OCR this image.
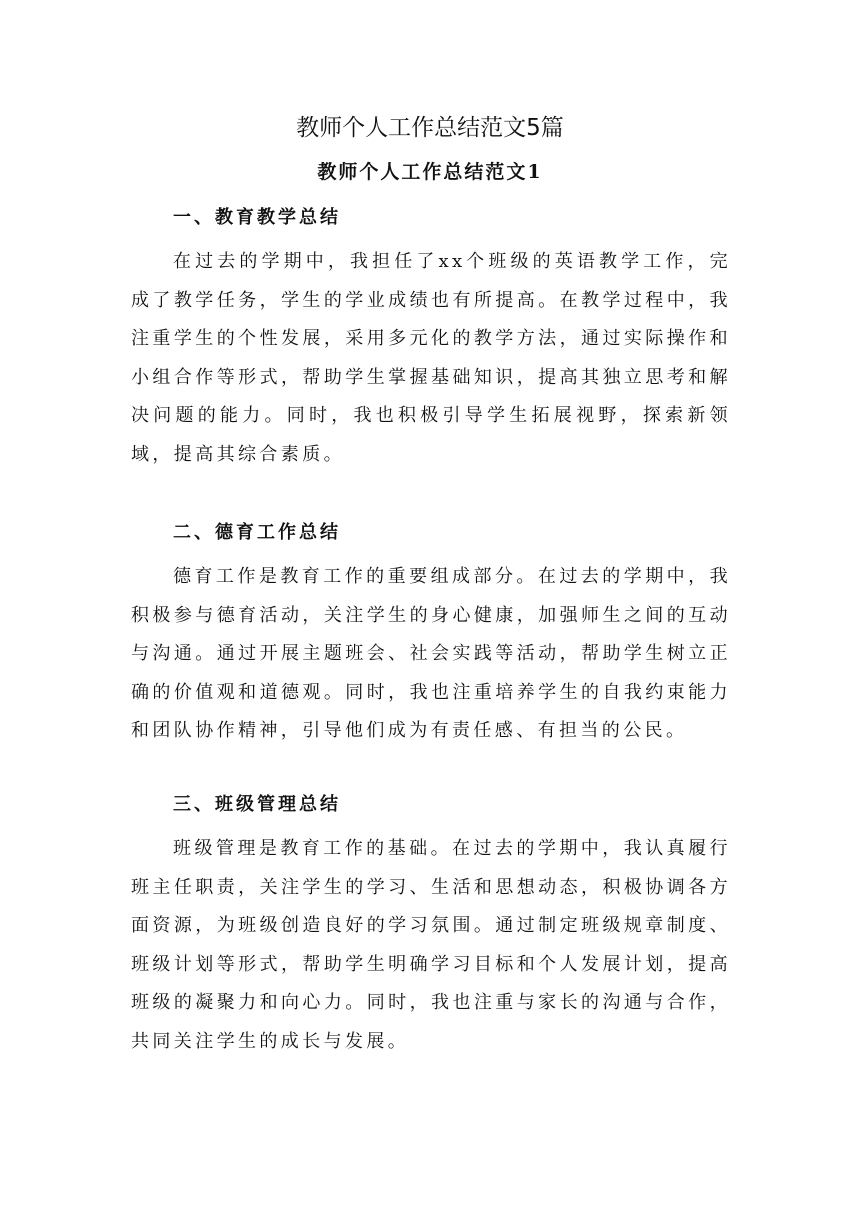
教师个人工作总结范文5篇
教师个人工作总结范文1
一、教育教学总结

在过去的学期中，我担任了xx个班级的英语教学工作，完成了教学任务，学生的学业成绩也有所提高。在教学过程中，我注重学生的个性发展，采用多元化的教学方法，通过实际操作和小组合作等形式，帮助学生掌握基础知识，提高其独立思考和解决问题的能力。同时，我也积极引导学生拓展视野，探索新领域，提高其综合素质。

二、德育工作总结

德育工作是教育工作的重要组成部分。在过去的学期中，我积极参与德育活动，关注学生的身心健康，加强师生之间的互动与沟通。通过开展主题班会、社会实践等活动，帮助学生树立正确的价值观和道德观。同时，我也注重培养学生的自我约束能力和团队协作精神，引导他们成为有责任感、有担当的公民。

三、班级管理总结

班级管理是教育工作的基础。在过去的学期中，我认真履行班主任职责，关注学生的学习、生活和思想动态，积极协调各方面资源，为班级创造良好的学习氛围。通过制定班级规章制度、班级计划等形式，帮助学生明确学习目标和个人发展计划，提高班级的凝聚力和向心力。同时，我也注重与家长的沟通与合作，共同关注学生的成长与发展。
